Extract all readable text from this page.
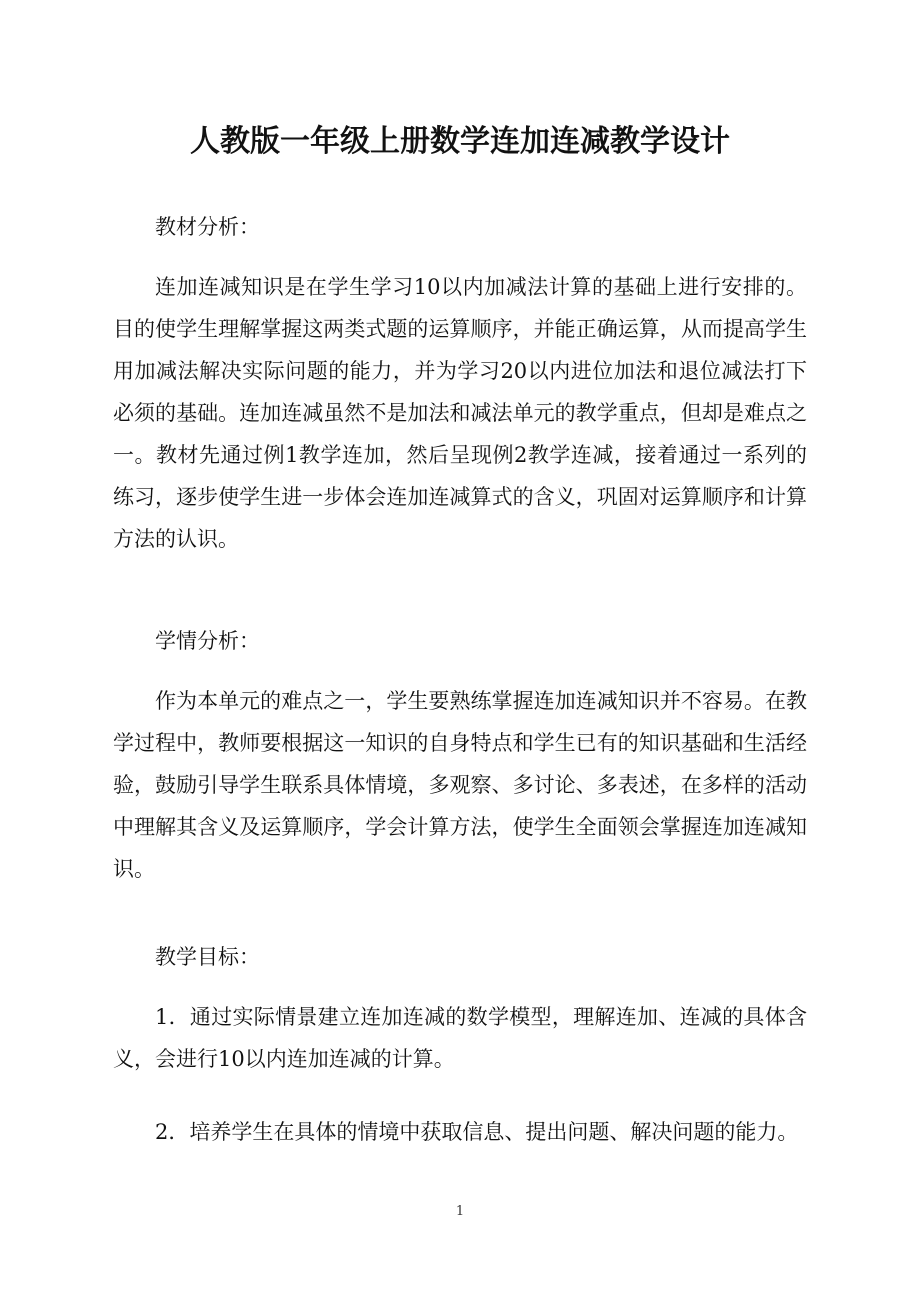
人教版一年级上册数学连加连减教学设计
教材分析：

连加连减知识是在学生学习10以内加减法计算的基础上进行安排的。目的使学生理解掌握这两类式题的运算顺序，并能正确运算，从而提高学生用加减法解决实际问题的能力，并为学习20以内进位加法和退位减法打下必须的基础。连加连减虽然不是加法和减法单元的教学重点，但却是难点之一。教材先通过例1教学连加，然后呈现例2教学连减，接着通过一系列的练习，逐步使学生进一步体会连加连减算式的含义，巩固对运算顺序和计算方法的认识。

学情分析：

作为本单元的难点之一，学生要熟练掌握连加连减知识并不容易。在教学过程中，教师要根据这一知识的自身特点和学生已有的知识基础和生活经验，鼓励引导学生联系具体情境，多观察、多讨论、多表述，在多样的活动中理解其含义及运算顺序，学会计算方法，使学生全面领会掌握连加连减知识。

教学目标：

1．通过实际情景建立连加连减的数学模型，理解连加、连减的具体含义，会进行10以内连加连减的计算。

2．培养学生在具体的情境中获取信息、提出问题、解决问题的能力。

1
